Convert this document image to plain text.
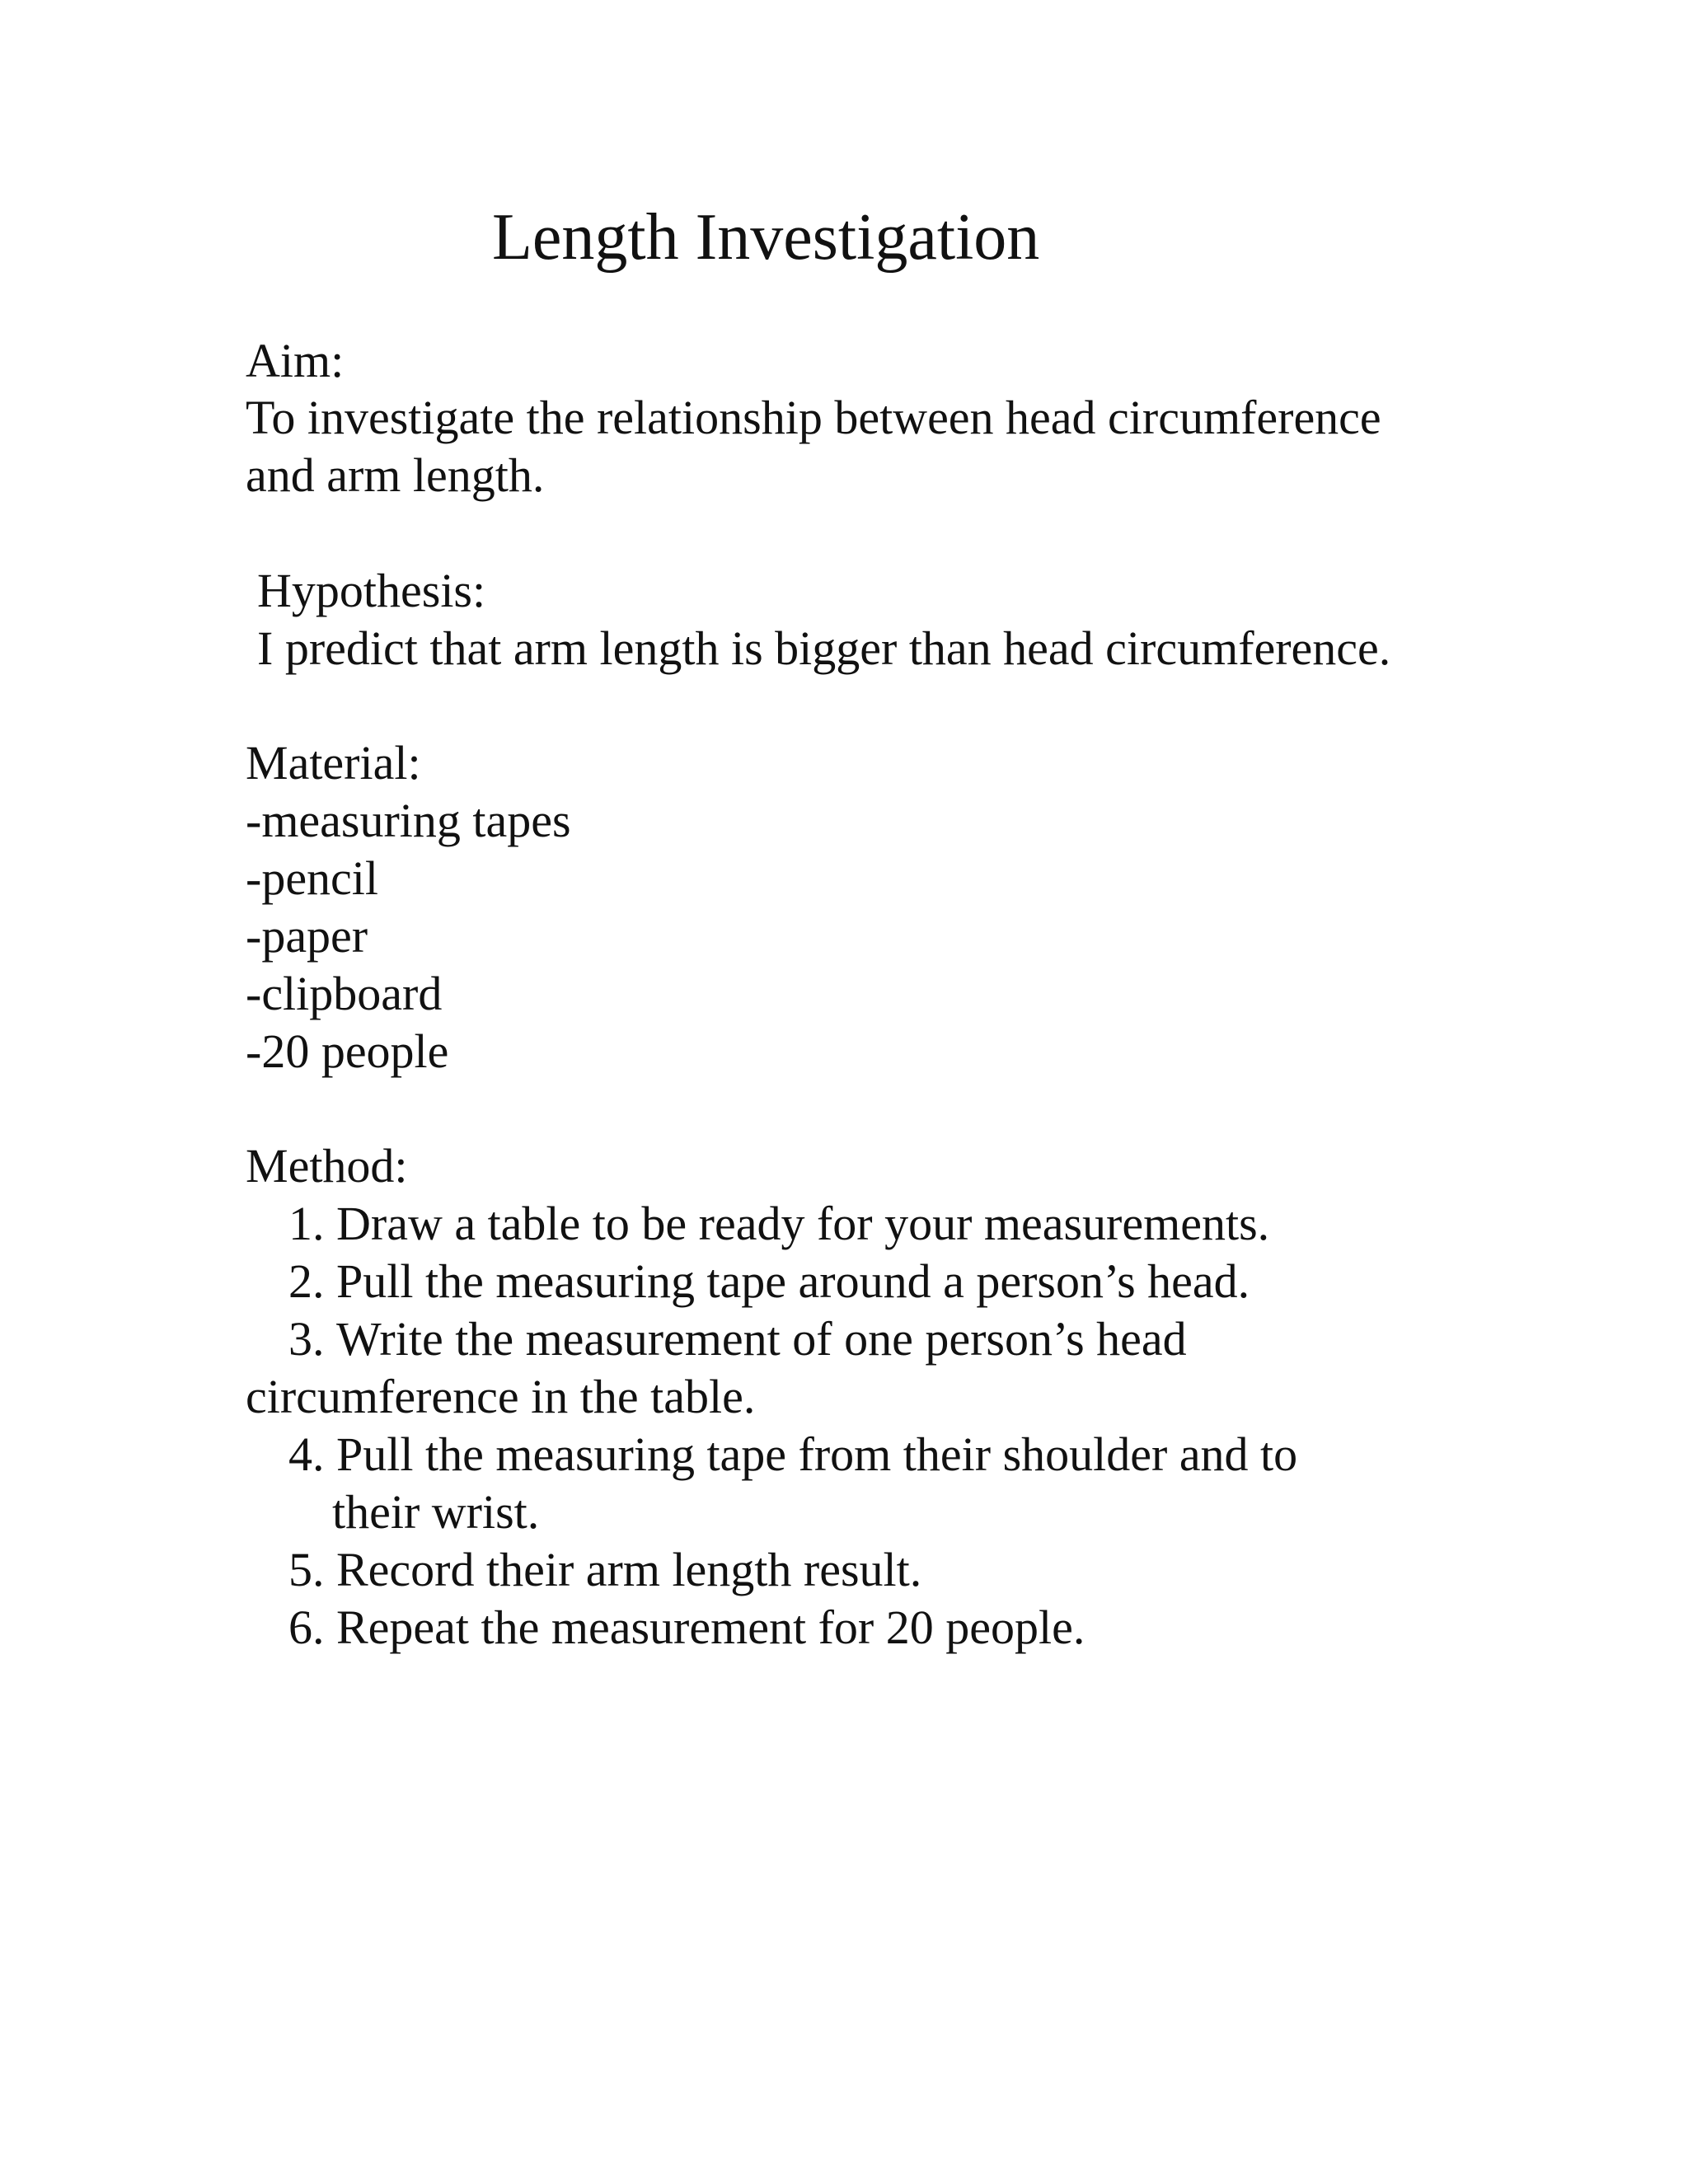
Length Investigation

Aim:

To investigate the relationship between head circumference

and arm length.

Hypothesis:

I predict that arm length is bigger than head circumference.

Material:

-measuring tapes

-pencil

-paper

-clipboard

-20 people

Method:

1. Draw a table to be ready for your measurements.

2. Pull the measuring tape around a person’s head.

3. Write the measurement of one person’s head

circumference in the table.

4. Pull the measuring tape from their shoulder and to

their wrist.

5. Record their arm length result.

6. Repeat the measurement for 20 people.
